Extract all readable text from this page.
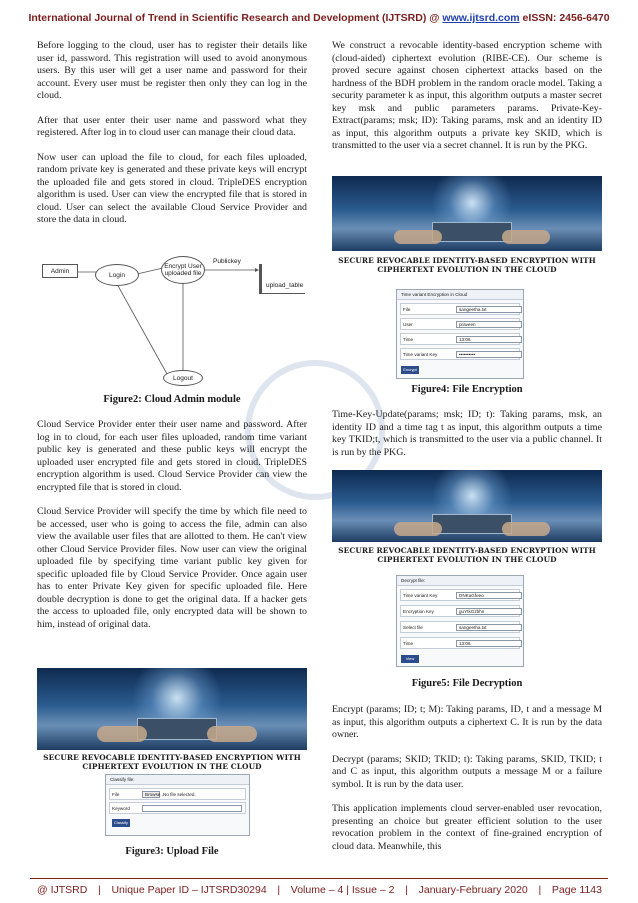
International Journal of Trend in Scientific Research and Development (IJTSRD) @ www.ijtsrd.com eISSN: 2456-6470

Before logging to the cloud, user has to register their details like user id, password. This registration will used to avoid anonymous users. By this user will get a user name and password for their account. Every user must be register then only they can log in the cloud.

After that user enter their user name and password what they registered. After log in to cloud user can manage their cloud data.

Now user can upload the file to cloud, for each files uploaded, random private key is generated and these private keys will encrypt the uploaded file and gets stored in cloud. TripleDES encryption algorithm is used. User can view the encrypted file that is stored in cloud. User can select the available Cloud Service Provider and store the data in cloud.

Admin
Login
Encrypt User uploaded file
Publickey
upload_table
Logout
Figure2: Cloud Admin module

Cloud Service Provider enter their user name and password. After log in to cloud, for each user files uploaded, random time variant public key is generated and these public keys will encrypt the uploaded user encrypted file and gets stored in cloud. TripleDES encryption algorithm is used. Cloud Service Provider can view the encrypted file that is stored in cloud.

Cloud Service Provider will specify the time by which file need to be accessed, user who is going to access the file, admin can also view the available user files that are allotted to them. He can't view other Cloud Service Provider files. Now user can view the original uploaded file by specifying time variant public key given for specific uploaded file by Cloud Service Provider. Once again user has to enter Private Key given for specific uploaded file. Here double decryption is done to get the original data. If a hacker gets the access to uploaded file, only encrypted data will be shown to him, instead of original data.

SECURE REVOCABLE IDENTITY-BASED ENCRYPTION WITH CIPHERTEXT EVOLUTION IN THE CLOUD
Classify file:
File	Browse...
No file selected.
Keyword
Classify
Figure3: Upload File

We construct a revocable identity-based encryption scheme with (cloud-aided) ciphertext evolution (RIBE-CE). Our scheme is proved secure against chosen ciphertext attacks based on the hardness of the BDH problem in the random oracle model. Taking a security parameter k as input, this algorithm outputs a master secret key msk and public parameters params. Private-Key-Extract(params; msk; ID): Taking params, msk and an identity ID as input, this algorithm outputs a private key SKID, which is transmitted to the user via a secret channel. It is run by the PKG.

SECURE REVOCABLE IDENTITY-BASED ENCRYPTION WITH CIPHERTEXT EVOLUTION IN THE CLOUD
Time variant Encryption in Cloud
File	sangeetha.txt
User	praveen
Time	13:06
Time variant Key	••••••••••
Encrypt
Figure4: File Encryption

Time-Key-Update(params; msk; ID; t): Taking params, msk, an identity ID and a time tag t as input, this algorithm outputs a time key TKID;t, which is transmitted to the user via a public channel. It is run by the PKG.

SECURE REVOCABLE IDENTITY-BASED ENCRYPTION WITH CIPHERTEXT EVOLUTION IN THE CLOUD
Decrypt file:
Time variant Key	DNKaGfeeo
Encryption Key	guYtkGzbhn
Select file	sangeetha.txt
Time	13:06
View
Figure5: File Decryption

Encrypt (params; ID; t; M): Taking params, ID, t and a message M as input, this algorithm outputs a ciphertext C. It is run by the data owner.

Decrypt (params; SKID; TKID; t): Taking params, SKID, TKID; t and C as input, this algorithm outputs a message M or a failure symbol. It is run by the data user.

This application implements cloud server-enabled user revocation, presenting an choice but greater efficient solution to the user revocation problem in the context of fine-grained encryption of cloud data. Meanwhile, this

@ IJTSRD | Unique Paper ID – IJTSRD30294 | Volume – 4 | Issue – 2 | January-February 2020 | Page 1143
